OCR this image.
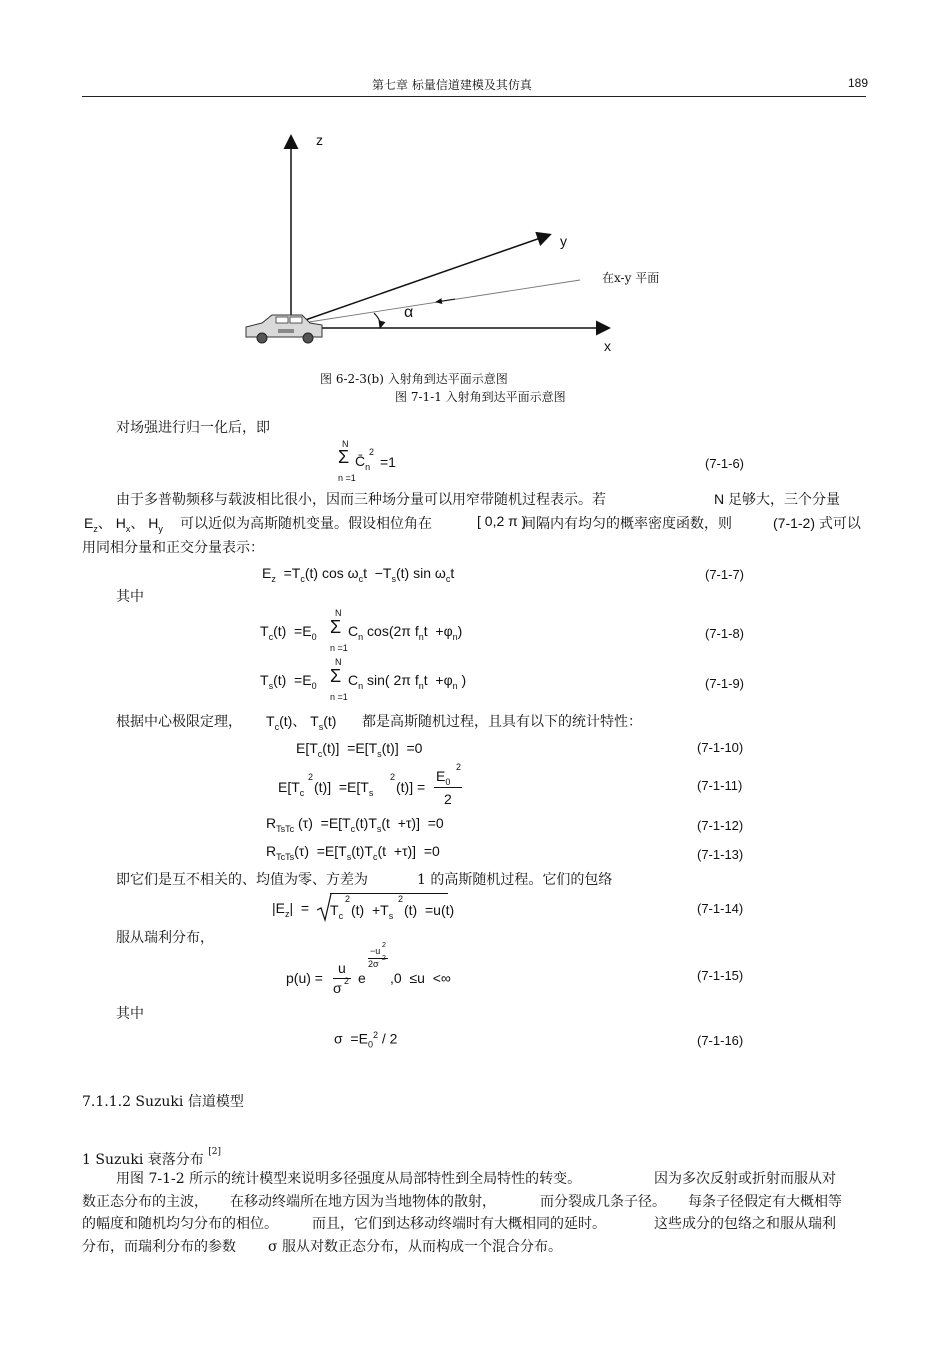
第七章 标量信道建模及其仿真	189
z
y
x
α
在x-y 平面
图 6-2-3(b) 入射角到达平面示意图
图 7-1-1 入射角到达平面示意图
对场强进行归一化后，即
N
Σ
n =1
$C̄_n$
2
=1	(7-1-6)
由于多普勒频移与载波相比很小，因而三种场分量可以用窄带随机过程表示。若	N 足够大，三个分量
$E_z$、 $H_x$、 $H_y$ 可以近似为高斯随机变量。假设相位角在	[ 0,2 π )
间隔内有均匀的概率密度函数，则	(7-1-2) 式可以
用同相分量和正交分量表示：
$E_z =T_c(t)$ $\cos \omega_ct -T_s(t)$ $\sin \omega_ct$	(7-1-7)
其中
N
$T_c(t) =E_0$ Σ
n =1
$C_n$ cos(2π $f_nt +\varphi_n$)	(7-1-8)
N
$T_s(t) =E_0$ Σ
n =1
$C_n$ sin( 2π $f_nt +\varphi_n$ )	(7-1-9)
根据中心极限定理， $T_c(t)$、 $T_s(t)$ 都是高斯随机过程，且具有以下的统计特性：
$E[T_c(t)] =E[T_s(t)] =0$	(7-1-10)
$E[T_c$
2
$(t)] =E[T_s$
2
(t)] =
$E_0$
2
2
(7-1-11)
$R_{TsTc}$ $(\tau) =E[T_c(t)T_s(t +\tau)] =0$	(7-1-12)
$R_{TcTs}(\tau) =E[T_s(t)T_c(t +\tau)] =0$	(7-1-13)
即它们是互不相关的、均值为零、方差为	1 的高斯随机过程。它们的包络
$|E_z| = T_c$
2
$(t) +T_s$
2
(t)  =u(t)	(7-1-14)
服从瑞利分布，
p(u) =
u
σ 2 e
−u
2
2σ
2
,0  ≤u  <∞	(7-1-15)
其中
$\sigma =E_0^2 / 2$	(7-1-16)
7.1.1.2 Suzuki 信道模型
1 Suzuki 衰落分布 [2]
用图 7-1-2 所示的统计模型来说明多径强度从局部特性到全局特性的转变。	因为多次反射或折射而服从对
数正态分布的主波， 在移动终端所在地方因为当地物体的散射，	而分裂成几条子径。 每条子径假定有大概相等
的幅度和随机均匀分布的相位。 而且，它们到达移动终端时有大概相同的延时。	这些成分的包络之和服从瑞利
分布，而瑞利分布的参数 σ 服从对数正态分布，从而构成一个混合分布。
